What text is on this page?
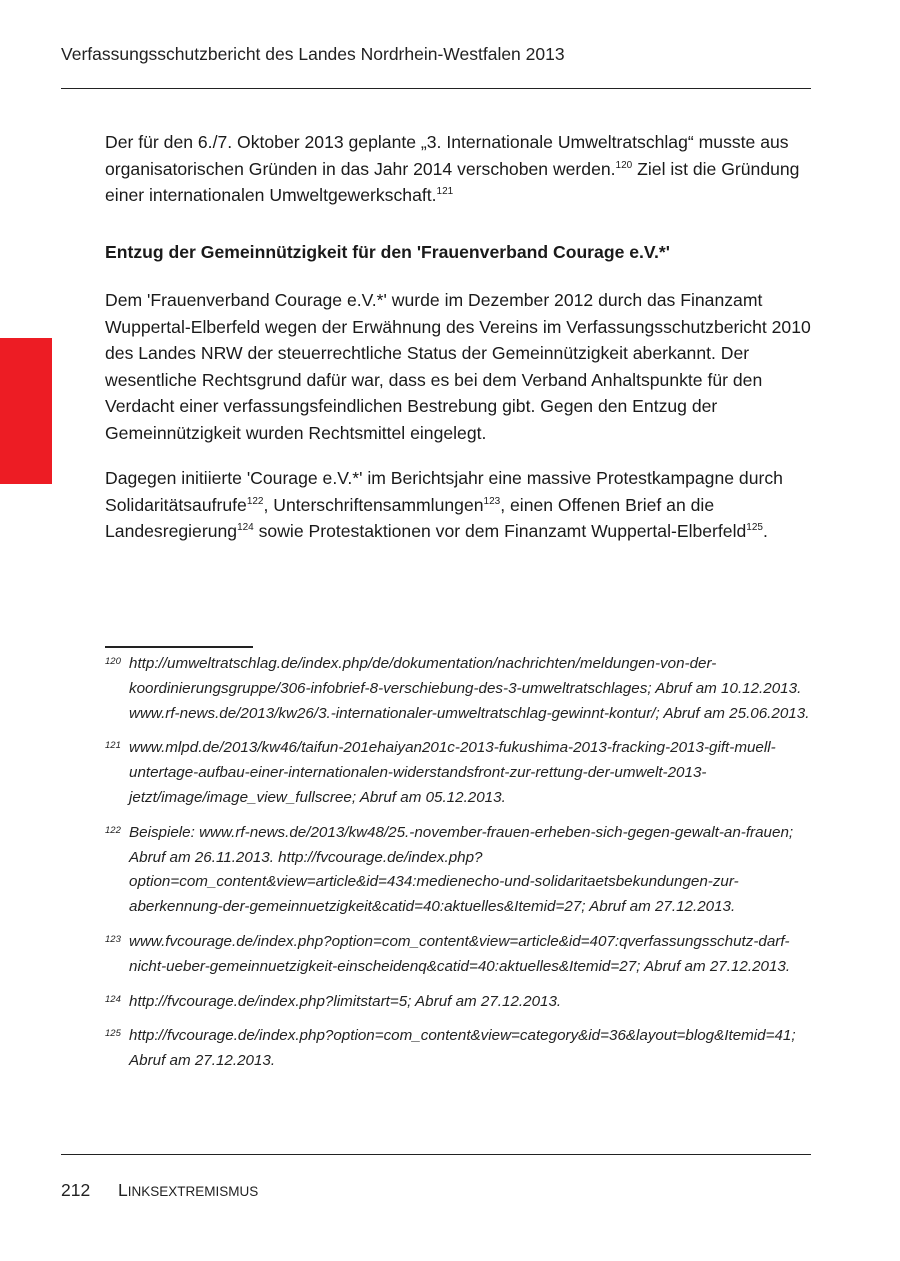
Verfassungsschutzbericht des Landes Nordrhein-Westfalen 2013

Der für den 6./7. Oktober 2013 geplante „3. Internationale Umweltratschlag“ musste aus organisatorischen Gründen in das Jahr 2014 verschoben werden.$^{120}$ Ziel ist die Gründung einer internationalen Umweltgewerkschaft.$^{121}$

Entzug der Gemeinnützigkeit für den 'Frauenverband Courage e.V.*'

Dem 'Frauenverband Courage e.V.*' wurde im Dezember 2012 durch das Finanzamt Wuppertal-Elberfeld wegen der Erwähnung des Vereins im Verfassungsschutzbericht 2010 des Landes NRW der steuerrechtliche Status der Gemeinnützigkeit aberkannt. Der wesentliche Rechtsgrund dafür war, dass es bei dem Verband Anhaltspunkte für den Verdacht einer verfassungsfeindlichen Bestrebung gibt. Gegen den Entzug der Gemeinnützigkeit wurden Rechtsmittel eingelegt.

Dagegen initiierte 'Courage e.V.*' im Berichtsjahr eine massive Protestkampagne durch Solidaritätsaufrufe$^{122}$, Unterschriftensammlungen$^{123}$, einen Offenen Brief an die Landesregierung$^{124}$ sowie Protestaktionen vor dem Finanzamt Wuppertal-Elberfeld$^{125}$.

120 http://umweltratschlag.de/index.php/de/dokumentation/nachrichten/meldungen-von-der-koordinierungsgruppe/306-infobrief-8-verschiebung-des-3-umweltratschlages; Abruf am 10.12.2013. www.rf-news.de/2013/kw26/3.-internationaler-umweltratschlag-gewinnt-kontur/; Abruf am 25.06.2013.

121 www.mlpd.de/2013/kw46/taifun-201ehaiyan201c-2013-fukushima-2013-fracking-2013-gift-muell-untertage-aufbau-einer-internationalen-widerstandsfront-zur-rettung-der-umwelt-2013-jetzt/image/image_view_fullscree; Abruf am 05.12.2013.

122 Beispiele: www.rf-news.de/2013/kw48/25.-november-frauen-erheben-sich-gegen-gewalt-an-frauen; Abruf am 26.11.2013. http://fvcourage.de/index.php?option=com_content&view=article&id=434:medienecho-und-solidaritaetsbekundungen-zur-aberkennung-der-gemeinnuetzigkeit&catid=40:aktuelles&Itemid=27; Abruf am 27.12.2013.

123 www.fvcourage.de/index.php?option=com_content&view=article&id=407:qverfassungsschutz-darf-nicht-ueber-gemeinnuetzigkeit-einscheidenq&catid=40:aktuelles&Itemid=27; Abruf am 27.12.2013.

124 http://fvcourage.de/index.php?limitstart=5; Abruf am 27.12.2013.

125 http://fvcourage.de/index.php?option=com_content&view=category&id=36&layout=blog&Itemid=41; Abruf am 27.12.2013.

212 LINKSEXTREMISMUS
